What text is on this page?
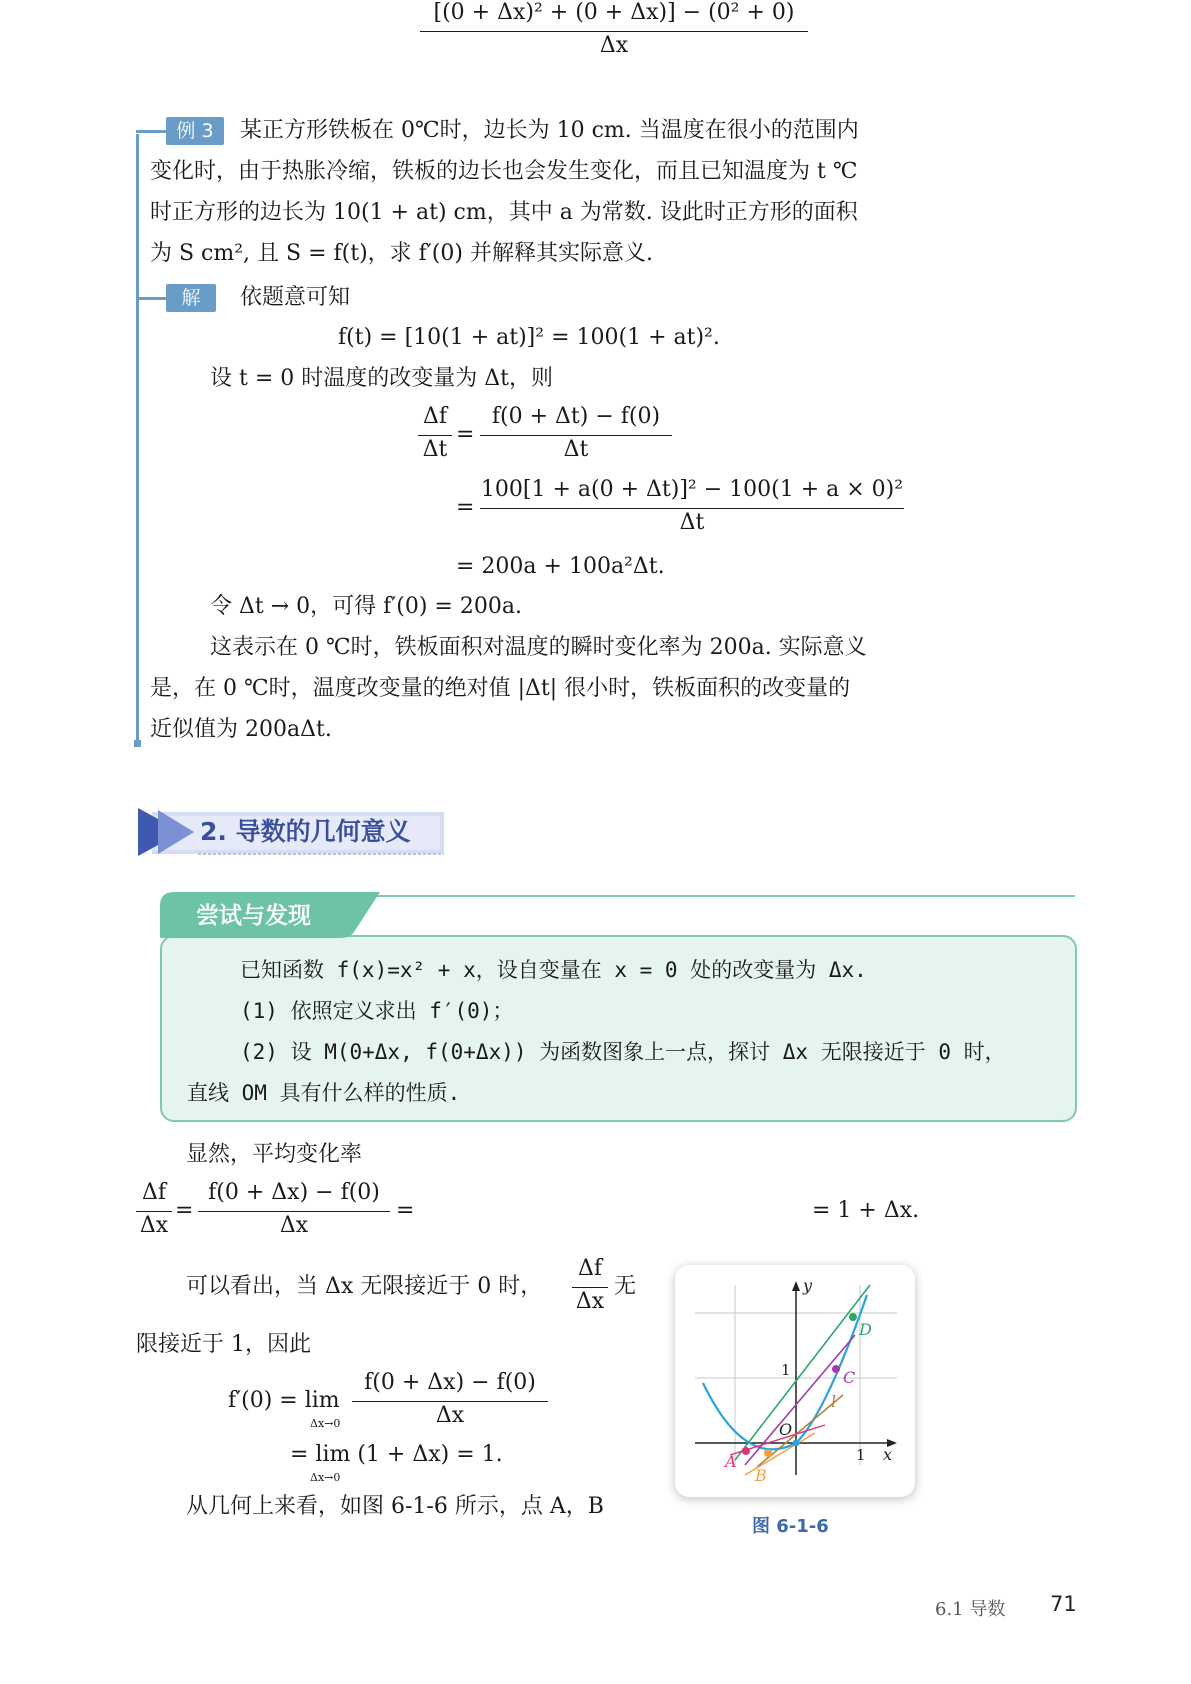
例 3	某正方形铁板在 0℃时，边长为 10 cm. 当温度在很小的范围内
变化时，由于热胀冷缩，铁板的边长也会发生变化，而且已知温度为 t ℃
时正方形的边长为 10(1 + at) cm，其中 a 为常数. 设此时正方形的面积
为 S cm², 且 S = f(t)，求 f′(0) 并解释其实际意义.
解	依题意可知
f(t) = [10(1 + at)]² = 100(1 + at)².
设 t = 0 时温度的改变量为 Δt，则
Δf
Δt
=
f(0 + Δt) − f(0)
Δt
=
100[1 + a(0 + Δt)]² − 100(1 + a × 0)²
Δt
= 200a + 100a²Δt.
令 Δt → 0，可得 f′(0) = 200a.
这表示在 0 ℃时，铁板面积对温度的瞬时变化率为 200a. 实际意义
是，在 0 ℃时，温度改变量的绝对值 |Δt| 很小时，铁板面积的改变量的
近似值为 200aΔt.
2. 导数的几何意义
尝试与发现
已知函数 f(x)=x² + x，设自变量在 x = 0 处的改变量为 Δx.
(1) 依照定义求出 f′(0)；
(2) 设 M(0+Δx, f(0+Δx)) 为函数图象上一点，探讨 Δx 无限接近于 0 时，
直线 OM 具有什么样的性质.
显然，平均变化率
Δf
Δx
=
f(0 + Δx) − f(0)
Δx
=
[(0 + Δx)² + (0 + Δx)] − (0² + 0)
Δx
= 1 + Δx.
可以看出，当 Δx 无限接近于 0 时，
Δf
Δx
无
限接近于 1，因此
f′(0) = lim
Δx→0
f(0 + Δx) − f(0)
Δx
= lim (1 + Δx) = 1.
Δx→0
从几何上来看，如图 6-1-6 所示，点 A，B
y
x
O
1
1
D
C
l
A
B
图 6-1-6
6.1 导数 71
